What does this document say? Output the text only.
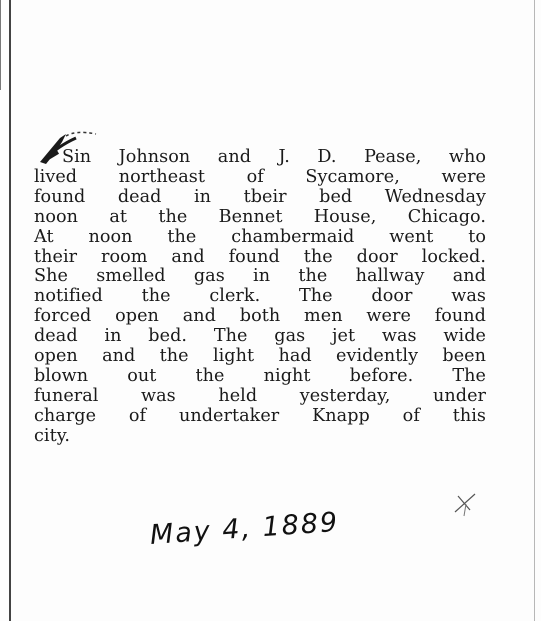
Sin Johnson and J. D. Pease, who
lived northeast of Sycamore, were
found dead in tbeir bed Wednesday
noon at the Bennet House, Chicago.
At noon the chambermaid went to
their room and found the door locked.
She smelled gas in the hallway and
notified the clerk. The door was
forced open and both men were found
dead in bed. The gas jet was wide
open and the light had evidently been
blown out the night before. The
funeral was held yesterday, under
charge of undertaker Knapp of this
city.
May 4, 1889
